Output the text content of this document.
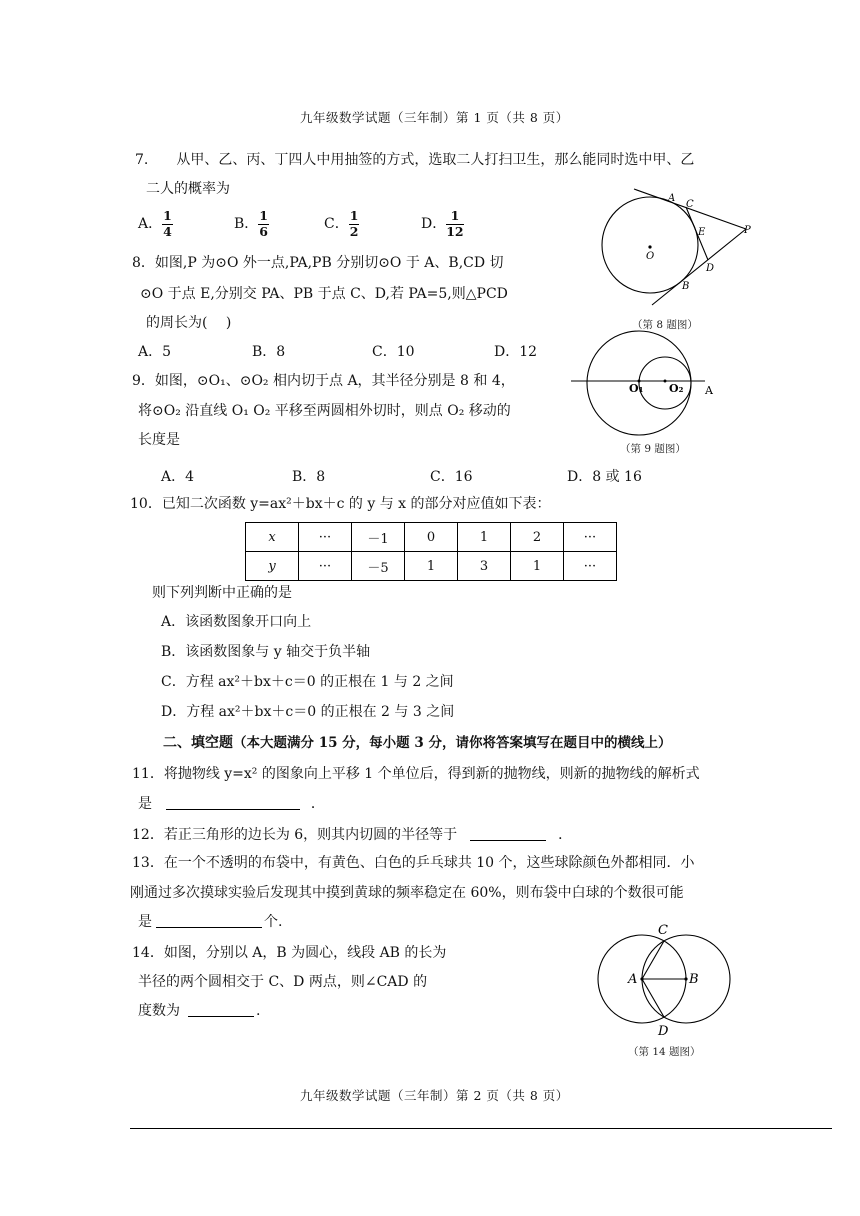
九年级数学试题（三年制）第 1 页（共 8 页）
7.　　从甲、乙、丙、丁四人中用抽签的方式，选取二人打扫卫生，那么能同时选中甲、乙
二人的概率为
A． $\frac{1}{4}$	B． $\frac{1}{6}$	C． $\frac{1}{2}$	D． $\frac{1}{12}$
A
C
E	P
O
D
B
8．如图,P 为⊙O 外一点,PA,PB 分别切⊙O 于 A、B,CD 切
⊙O 于点 E,分别交 PA、PB 于点 C、D,若 PA=5,则△PCD
的周长为(　 )
A．5	B．8	C．10	D．12
（第 8 题图）
O₁ O₂ A
9．如图，⊙O₁、⊙O₂ 相内切于点 A，其半径分别是 8 和 4，
将⊙O₂ 沿直线 O₁ O₂ 平移至两圆相外切时，则点 O₂ 移动的
长度是
（第 9 题图）
A．4	B．8	C．16	D．8 或 16
10．已知二次函数 y=ax²＋bx＋c 的 y 与 x 的部分对应值如下表：
x	···	－1	0	1	2	···
y	···	－5	1	3	1	···
则下列判断中正确的是
A．该函数图象开口向上
B．该函数图象与 y 轴交于负半轴
C．方程 ax²＋bx＋c＝0 的正根在 1 与 2 之间
D．方程 ax²＋bx＋c＝0 的正根在 2 与 3 之间
二、填空题（本大题满分 15 分，每小题 3 分，请你将答案填写在题目中的横线上）
11．将抛物线 y=x² 的图象向上平移 1 个单位后，得到新的抛物线，则新的抛物线的解析式
是	．
12．若正三角形的边长为 6，则其内切圆的半径等于	．
13．在一个不透明的布袋中，有黄色、白色的乒乓球共 10 个，这些球除颜色外都相同．小
刚通过多次摸球实验后发现其中摸到黄球的频率稳定在 60%，则布袋中白球的个数很可能
是	个.
C
A	B
D
14．如图，分别以 A，B 为圆心，线段 AB 的长为
半径的两个圆相交于 C、D 两点，则∠CAD 的
度数为	.
（第 14 题图）
九年级数学试题（三年制）第 2 页（共 8 页）
